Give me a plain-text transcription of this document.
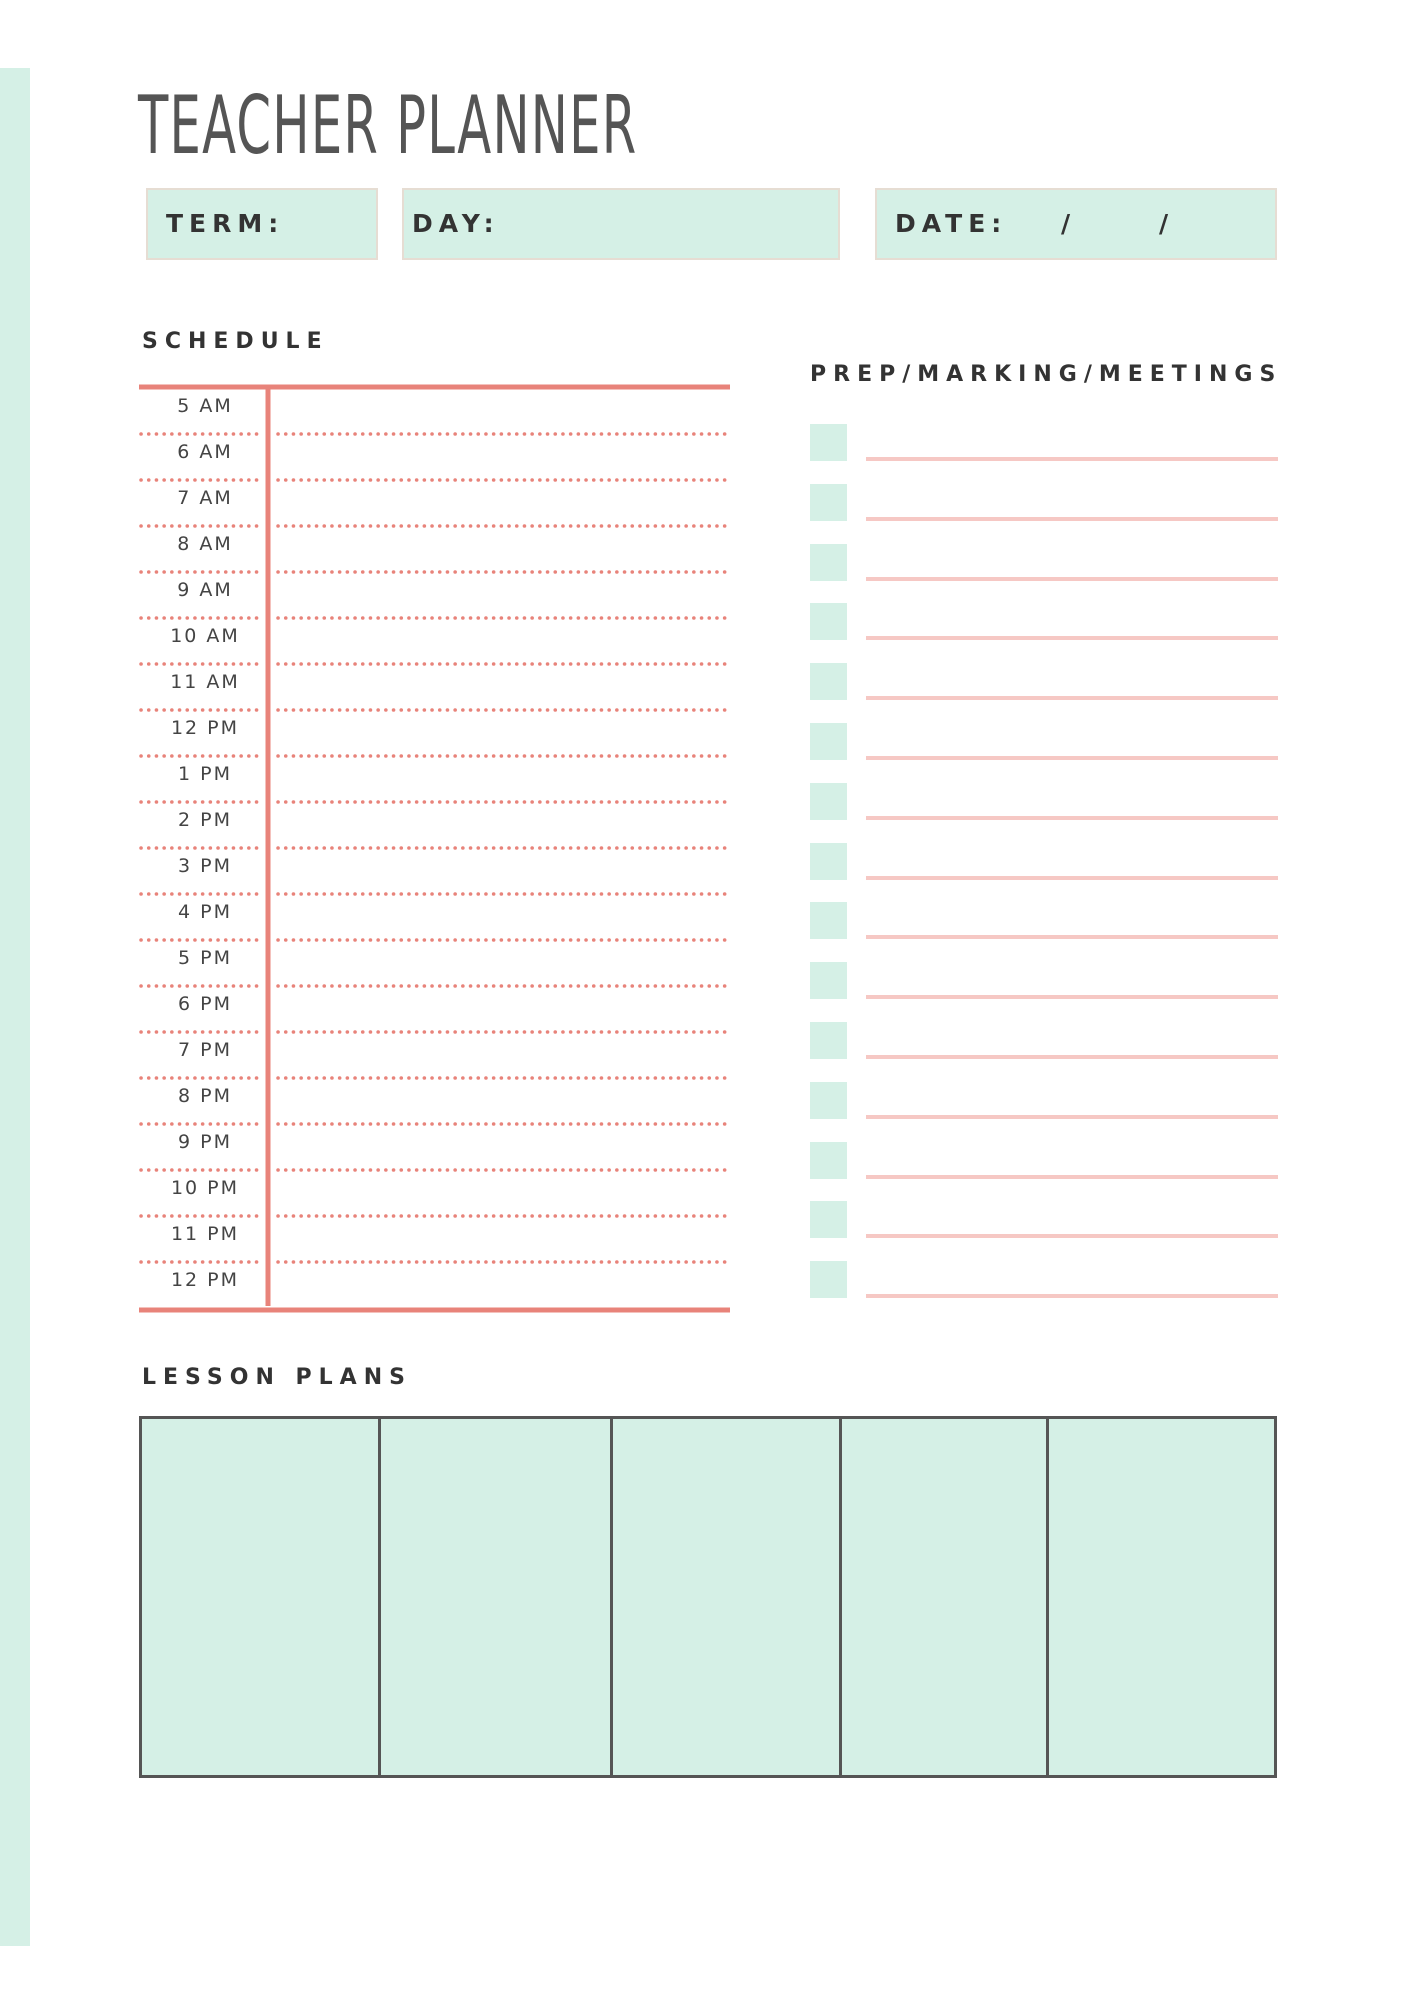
TEACHER PLANNER
TERM:	DAY:	DATE: /	/
SCHEDULE
5 AM
6 AM
7 AM
8 AM
9 AM
10 AM
11 AM
12 PM
1 PM
2 PM
3 PM
4 PM
5 PM
6 PM
7 PM
8 PM
9 PM
10 PM
11 PM
12 PM
PREP/MARKING/MEETINGS
LESSON PLANS
